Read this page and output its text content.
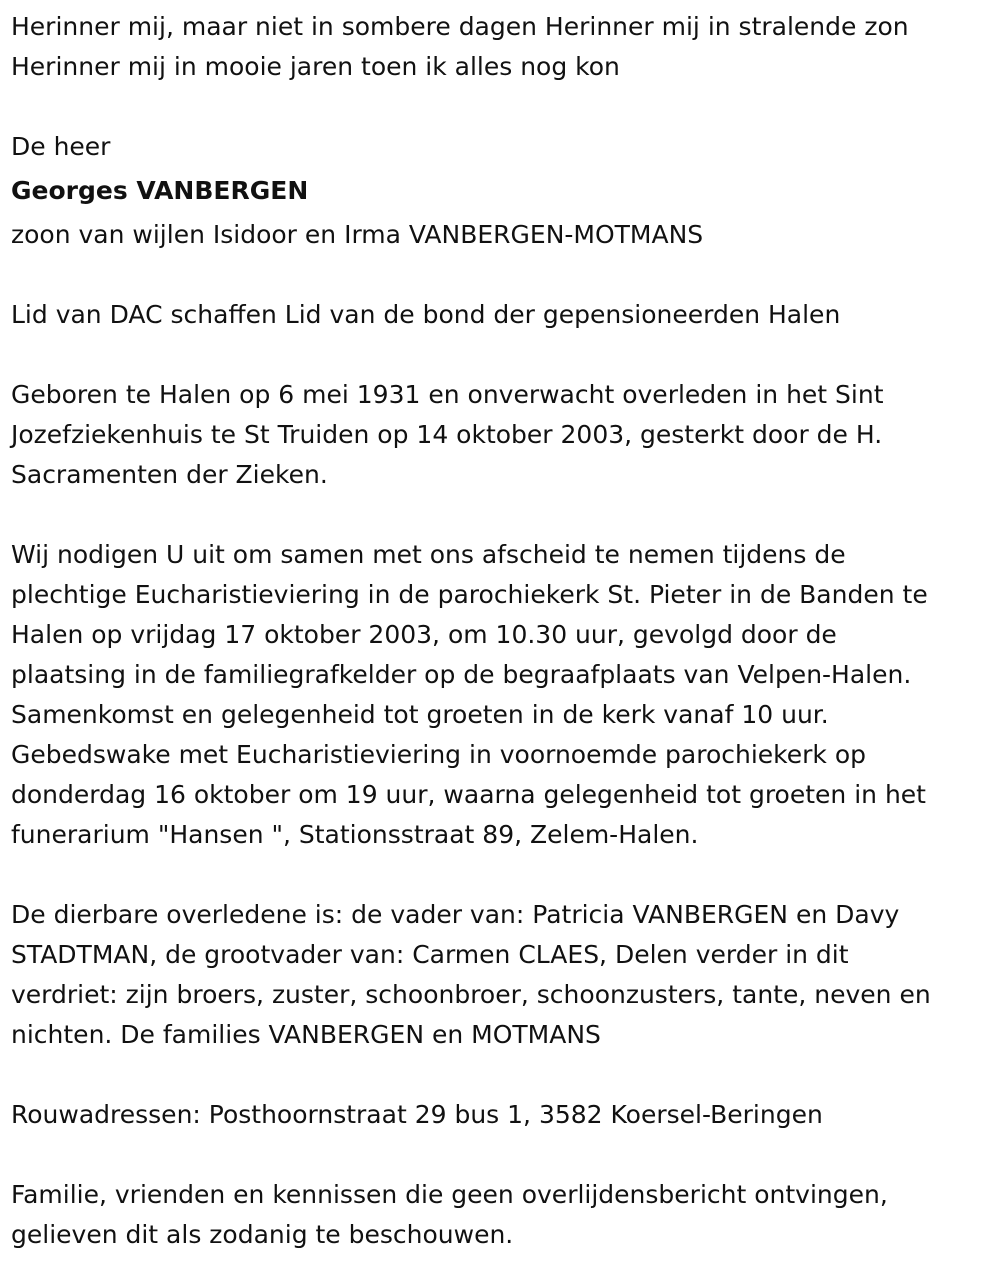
Herinner mij, maar niet in sombere dagen Herinner mij in stralende zon

Herinner mij in mooie jaren toen ik alles nog kon

De heer

Georges VANBERGEN

zoon van wijlen Isidoor en Irma VANBERGEN-MOTMANS

Lid van DAC schaffen Lid van de bond der gepensioneerden Halen

Geboren te Halen op 6 mei 1931 en onverwacht overleden in het Sint

Jozefziekenhuis te St Truiden op 14 oktober 2003, gesterkt door de H.

Sacramenten der Zieken.

Wij nodigen U uit om samen met ons afscheid te nemen tijdens de

plechtige Eucharistieviering in de parochiekerk St. Pieter in de Banden te

Halen op vrijdag 17 oktober 2003, om 10.30 uur, gevolgd door de

plaatsing in de familiegrafkelder op de begraafplaats van Velpen-Halen.

Samenkomst en gelegenheid tot groeten in de kerk vanaf 10 uur.

Gebedswake met Eucharistieviering in voornoemde parochiekerk op

donderdag 16 oktober om 19 uur, waarna gelegenheid tot groeten in het

funerarium "Hansen ", Stationsstraat 89, Zelem-Halen.

De dierbare overledene is: de vader van: Patricia VANBERGEN en Davy

STADTMAN, de grootvader van: Carmen CLAES, Delen verder in dit

verdriet: zijn broers, zuster, schoonbroer, schoonzusters, tante, neven en

nichten. De families VANBERGEN en MOTMANS

Rouwadressen: Posthoornstraat 29 bus 1, 3582 Koersel-Beringen

Familie, vrienden en kennissen die geen overlijdensbericht ontvingen,

gelieven dit als zodanig te beschouwen.
